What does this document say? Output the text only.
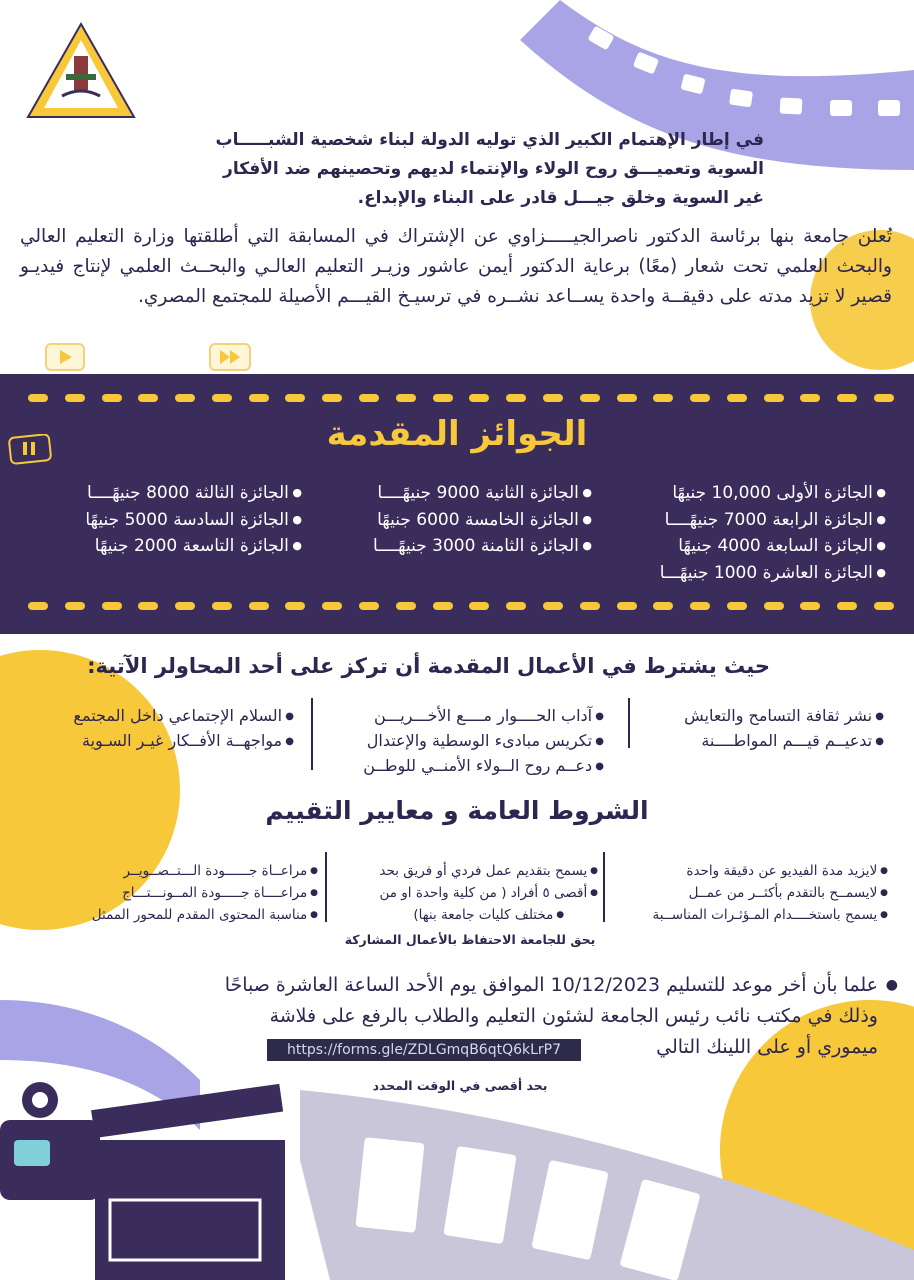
في إطار الإهتمام الكبير الذي توليه الدولة لبناء شخصية الشبـــــاب
السوية وتعميـــق روح الولاء والإنتماء لديهم وتحصينهم ضد الأفكار
غير السوية وخلق جيـــل قادر على البناء والإبداع.
تُعلن جامعة بنها برئاسة الدكتور ناصرالجيـــــزاوي عن الإشتراك في المسابقة التي أطلقتها وزارة التعليم العالي والبحث العلمي تحت شعار (معًا) برعاية الدكتور أيمن عاشور وزيـر التعليم العالـي والبحــث العلمي لإنتاج فيديـو قصير لا تزيد مدته على دقيقــة واحدة يســاعد نشــره في ترسيـخ القيـــم الأصيلة للمجتمع المصري.
الجوائز المقدمة
● الجائزة الأولى 10,000 جنيهًا
● الجائزة الرابعة 7000 جنيهًــــا
● الجائزة السابعة 4000 جنيهًا
● الجائزة العاشرة 1000 جنيهًـــا
● الجائزة الثانية 9000 جنيهًــــا
● الجائزة الخامسة 6000 جنيهًا
● الجائزة الثامنة 3000 جنيهًــــا
● الجائزة الثالثة 8000 جنيهًــــا
● الجائزة السادسة 5000 جنيهًا
● الجائزة التاسعة 2000 جنيهًا
حيث يشترط في الأعمال المقدمة أن تركز على أحد المحاولر الآتية:
● نشر ثقافة التسامح والتعايش
● تدعيــم قيـــم المواطــــنة
● آداب الحــــوار مــــع الأخـــريـــن
● تكريس مبادىء الوسطية والإعتدال
● دعــم روح الــولاء الأمنــي للوطــن
● السلام الإجتماعي داخل المجتمع
● مواجهــة الأفــكار غيـر السـوية
الشروط العامة و معايير التقييم
● لايزيد مدة الفيديو عن دقيقة واحدة
● لايسمــح بالتقدم بأكثــر من عمــل
● يسمح باستخــــدام المـؤثـرات المناســبة
● يسمح بتقديم عمل فردي أو فريق بحد
● أقصى ٥ أفراد ( من كلية واحدة او من
● مختلف كليات جامعة بنها)
● مراعــاة جــــــودة الـــتــصــويــر
● مراعــــاة جـــــودة المــونـــتـــاج
● مناسبة المحتوى المقدم للمحور الممثل
يحق للجامعة الاحتفاظ بالأعمال المشاركة
●
علما بأن أخر موعد للتسليم 10/12/2023 الموافق يوم الأحد الساعة العاشرة صباحًا
وذلك في مكتب نائب رئيس الجامعة لشئون التعليم والطلاب بالرفع على فلاشة
ميموري أو على اللينك التالي
https://forms.gle/ZDLGmqB6qtQ6kLrP7
بحد أقصى في الوقت المحدد
